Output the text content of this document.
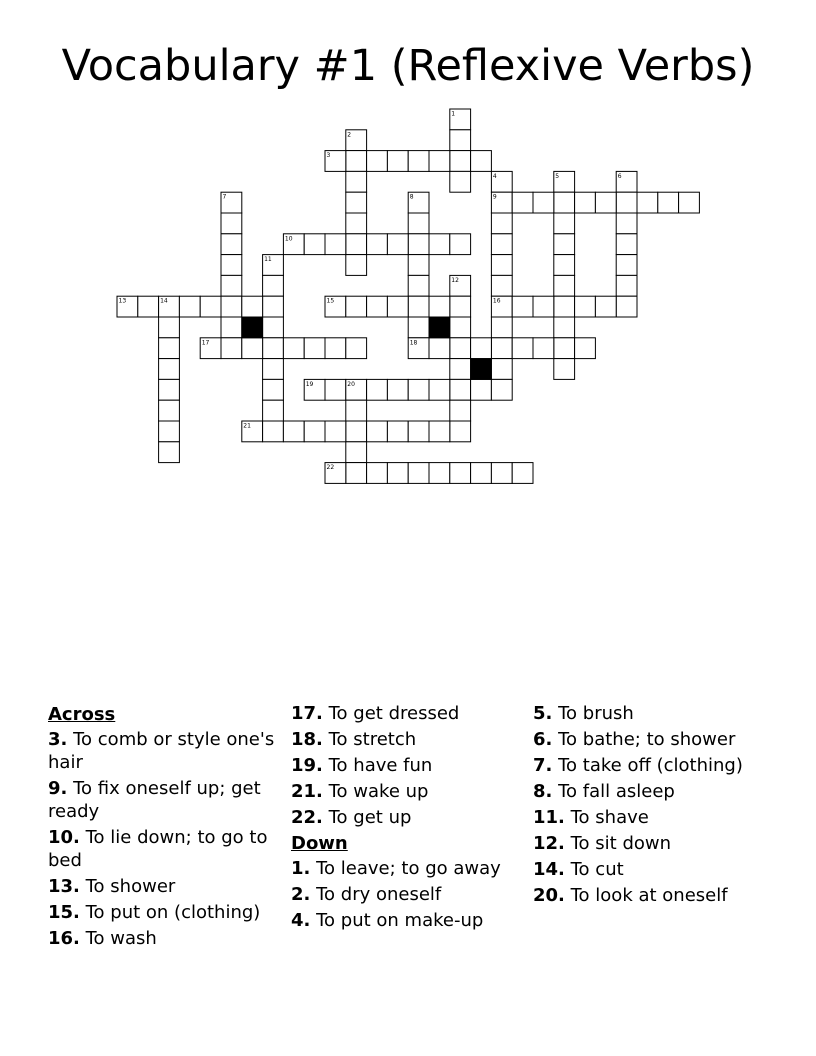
Vocabulary #1 (Reflexive Verbs)
1
2
3
4	5	6
7	8	9
10
11
12
13	14	15	16
17	18
19	20
21
22
Across
3. To comb or style one's hair
9. To fix oneself up; get ready
10. To lie down; to go to bed
13. To shower
15. To put on (clothing)
16. To wash
17. To get dressed
18. To stretch
19. To have fun
21. To wake up
22. To get up
Down
1. To leave; to go away
2. To dry oneself
4. To put on make-up
5. To brush
6. To bathe; to shower
7. To take off (clothing)
8. To fall asleep
11. To shave
12. To sit down
14. To cut
20. To look at oneself
